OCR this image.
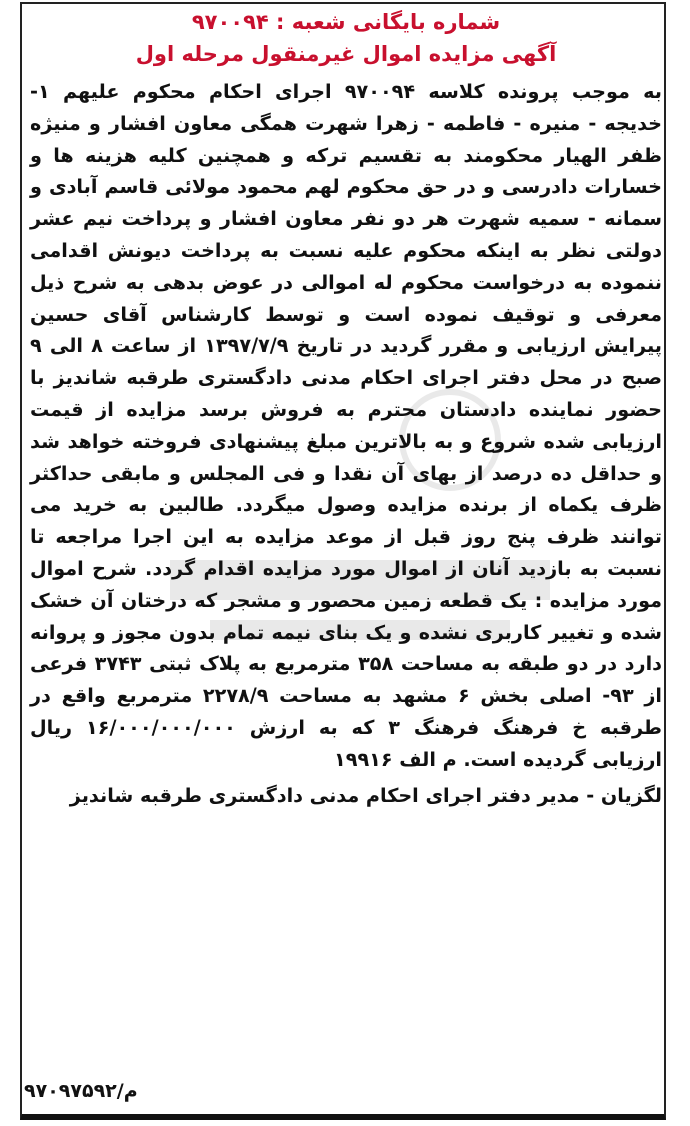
شماره بایگانی شعبه : ۹۷۰۰۹۴
آگهی مزایده اموال غیرمنقول مرحله اول

به موجب پرونده کلاسه ۹۷۰۰۹۴ اجرای احکام محکوم علیهم ۱- خدیجه - منیره - فاطمه - زهرا شهرت همگی معاون افشار و منیژه ظفر الهیار محکومند به تقسیم ترکه و همچنین کلیه هزینه ها و خسارات دادرسی و در حق محکوم لهم محمود مولائی قاسم آبادی و سمانه - سمیه شهرت هر دو نفر معاون افشار و پرداخت نیم عشر دولتی نظر به اینکه محکوم علیه نسبت به پرداخت دیونش اقدامی ننموده به درخواست محکوم له اموالی در عوض بدهی به شرح ذیل معرفی و توقیف نموده است و توسط کارشناس آقای حسین پیرایش ارزیابی و مقرر گردید در تاریخ ۱۳۹۷/۷/۹ از ساعت ۸ الی ۹ صبح در محل دفتر اجرای احکام مدنی دادگستری طرقبه شاندیز با حضور نماینده دادستان محترم به فروش برسد مزایده از قیمت ارزیابی شده شروع و به بالاترین مبلغ پیشنهادی فروخته خواهد شد و حداقل ده درصد از بهای آن نقدا و فی المجلس و مابقی حداکثر ظرف یکماه از برنده مزایده وصول میگردد. طالبین به خرید می توانند ظرف پنج روز قبل از موعد مزایده به این اجرا مراجعه تا نسبت به بازدید آنان از اموال مورد مزایده اقدام گردد. شرح اموال مورد مزایده : یک قطعه زمین محصور و مشجر که درختان آن خشک شده و تغییر کاربری نشده و یک بنای نیمه تمام بدون مجوز و پروانه دارد در دو طبقه به مساحت ۳۵۸ مترمربع به پلاک ثبتی ۳۷۴۳ فرعی از ۹۳- اصلی بخش ۶ مشهد به مساحت ۲۲۷۸/۹ مترمربع واقع در طرقبه خ فرهنگ فرهنگ ۳ که به ارزش ۱۶/۰۰۰/۰۰۰/۰۰۰ ریال ارزیابی گردیده است. م الف ۱۹۹۱۶

لگزیان - مدیر دفتر اجرای احکام مدنی دادگستری طرقبه شاندیز
م/۹۷۰۹۷۵۹۲
